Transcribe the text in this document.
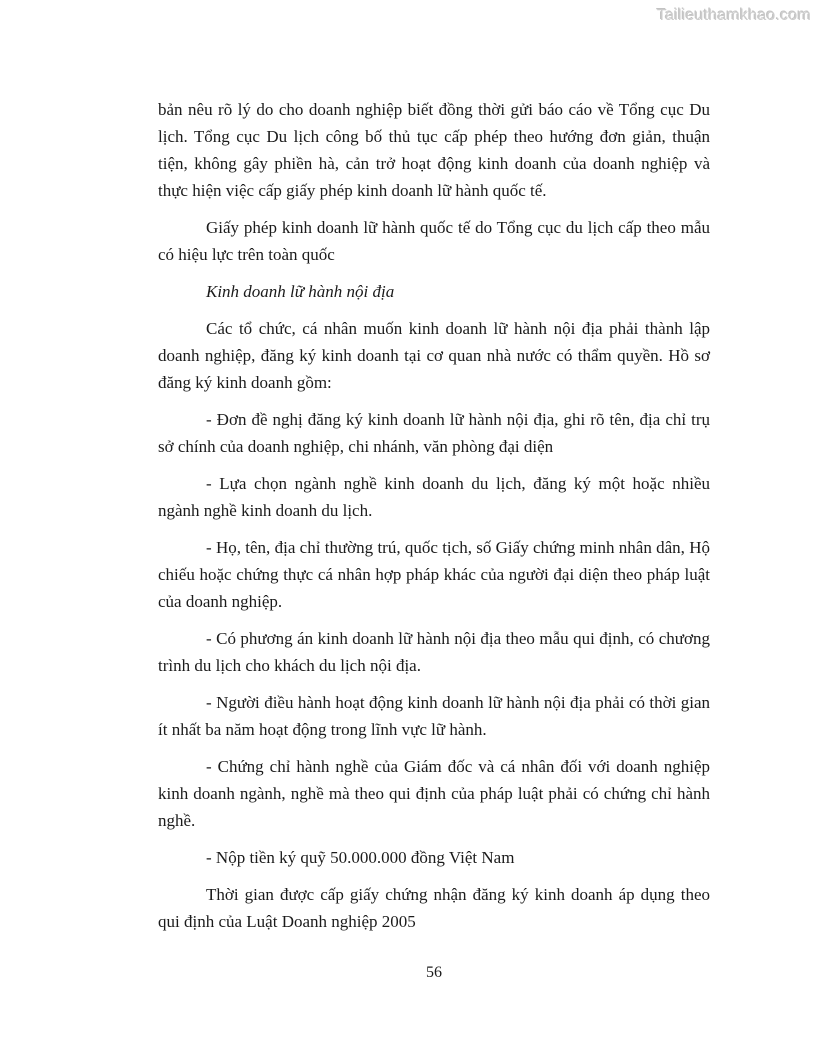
Tailieuthamkhao.com

bản nêu rõ lý do cho doanh nghiệp biết đồng thời gửi báo cáo về Tổng cục Du lịch. Tổng cục Du lịch công bố thủ tục cấp phép theo hướng đơn giản, thuận tiện, không gây phiền hà, cản trở hoạt động kinh doanh của doanh nghiệp và thực hiện việc cấp giấy phép kinh doanh lữ hành quốc tế.

Giấy phép kinh doanh lữ hành quốc tế do Tổng cục du lịch cấp theo mẫu có hiệu lực trên toàn quốc

Kinh doanh lữ hành nội địa

Các tổ chức, cá nhân muốn kinh doanh lữ hành nội địa phải thành lập doanh nghiệp, đăng ký kinh doanh tại cơ quan nhà nước có thẩm quyền. Hồ sơ đăng ký kinh doanh gồm:

- Đơn đề nghị đăng ký kinh doanh lữ hành nội địa, ghi rõ tên, địa chỉ trụ sở chính của doanh nghiệp, chi nhánh, văn phòng đại diện

- Lựa chọn ngành nghề kinh doanh du lịch, đăng ký một hoặc nhiều ngành nghề kinh doanh du lịch.

- Họ, tên, địa chỉ thường trú, quốc tịch, số Giấy chứng minh nhân dân, Hộ chiếu hoặc chứng thực cá nhân hợp pháp khác của người đại diện theo pháp luật của doanh nghiệp.

- Có phương án kinh doanh lữ hành nội địa theo mẫu qui định, có chương trình du lịch cho khách du lịch nội địa.

- Người điều hành hoạt động kinh doanh lữ hành nội địa phải có thời gian ít nhất ba năm hoạt động trong lĩnh vực lữ hành.

- Chứng chỉ hành nghề của Giám đốc và cá nhân đối với doanh nghiệp kinh doanh ngành, nghề mà theo qui định của pháp luật phải có chứng chỉ hành nghề.

- Nộp tiền ký quỹ 50.000.000 đồng Việt Nam

Thời gian được cấp giấy chứng nhận đăng ký kinh doanh áp dụng theo qui định của Luật Doanh nghiệp 2005

56
